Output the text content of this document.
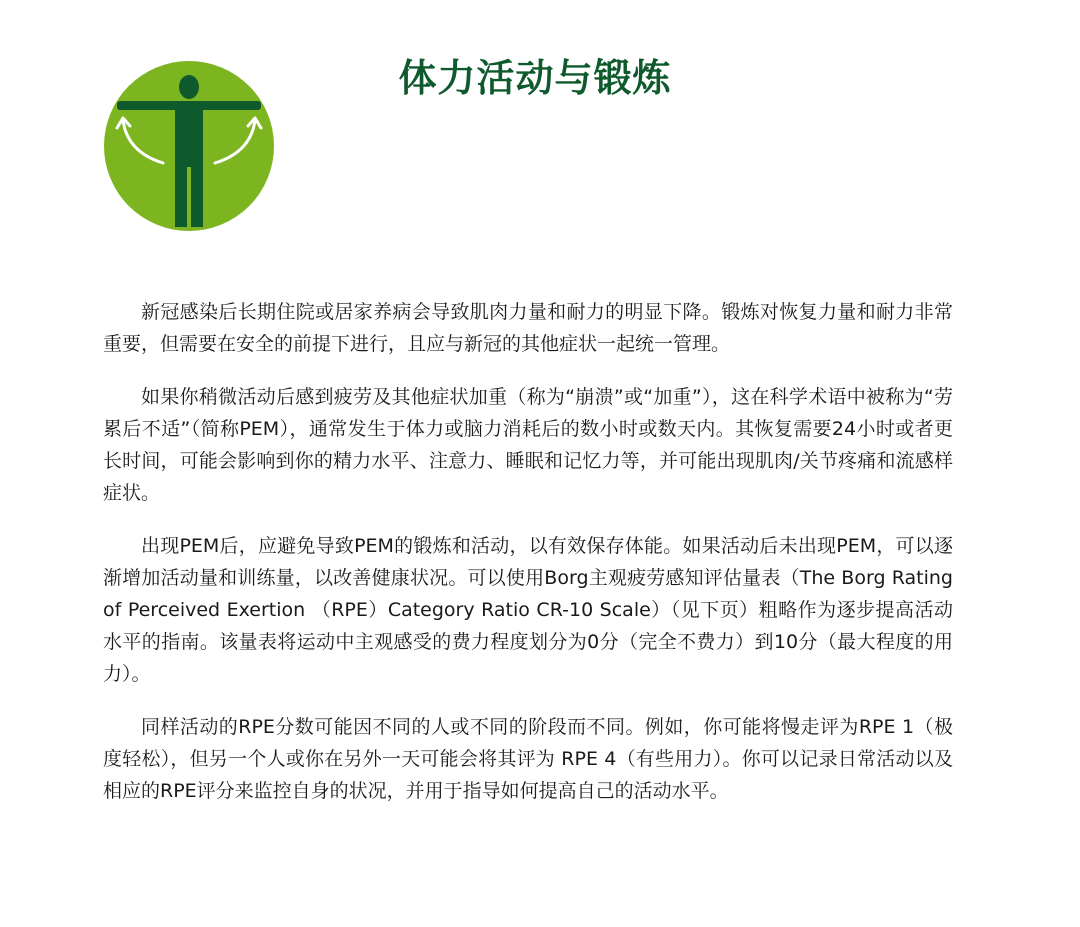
体力活动与锻炼

新冠感染后长期住院或居家养病会导致肌肉力量和耐力的明显下降。锻炼对恢复力量和耐力非常重要，但需要在安全的前提下进行，且应与新冠的其他症状一起统一管理。

如果你稍微活动后感到疲劳及其他症状加重（称为“崩溃”或“加重”），这在科学术语中被称为“劳累后不适”（简称PEM），通常发生于体力或脑力消耗后的数小时或数天内。其恢复需要24小时或者更长时间，可能会影响到你的精力水平、注意力、睡眠和记忆力等，并可能出现肌肉/关节疼痛和流感样症状。

出现PEM后，应避免导致PEM的锻炼和活动，以有效保存体能。如果活动后未出现PEM，可以逐渐增加活动量和训练量，以改善健康状况。可以使用Borg主观疲劳感知评估量表（The Borg Rating of Perceived Exertion （RPE）Category Ratio CR-10 Scale）（见下页）粗略作为逐步提高活动水平的指南。该量表将运动中主观感受的费力程度划分为0分（完全不费力）到10分（最大程度的用力）。

同样活动的RPE分数可能因不同的人或不同的阶段而不同。例如，你可能将慢走评为RPE 1（极度轻松），但另一个人或你在另外一天可能会将其评为 RPE 4（有些用力）。你可以记录日常活动以及相应的RPE评分来监控自身的状况，并用于指导如何提高自己的活动水平。
